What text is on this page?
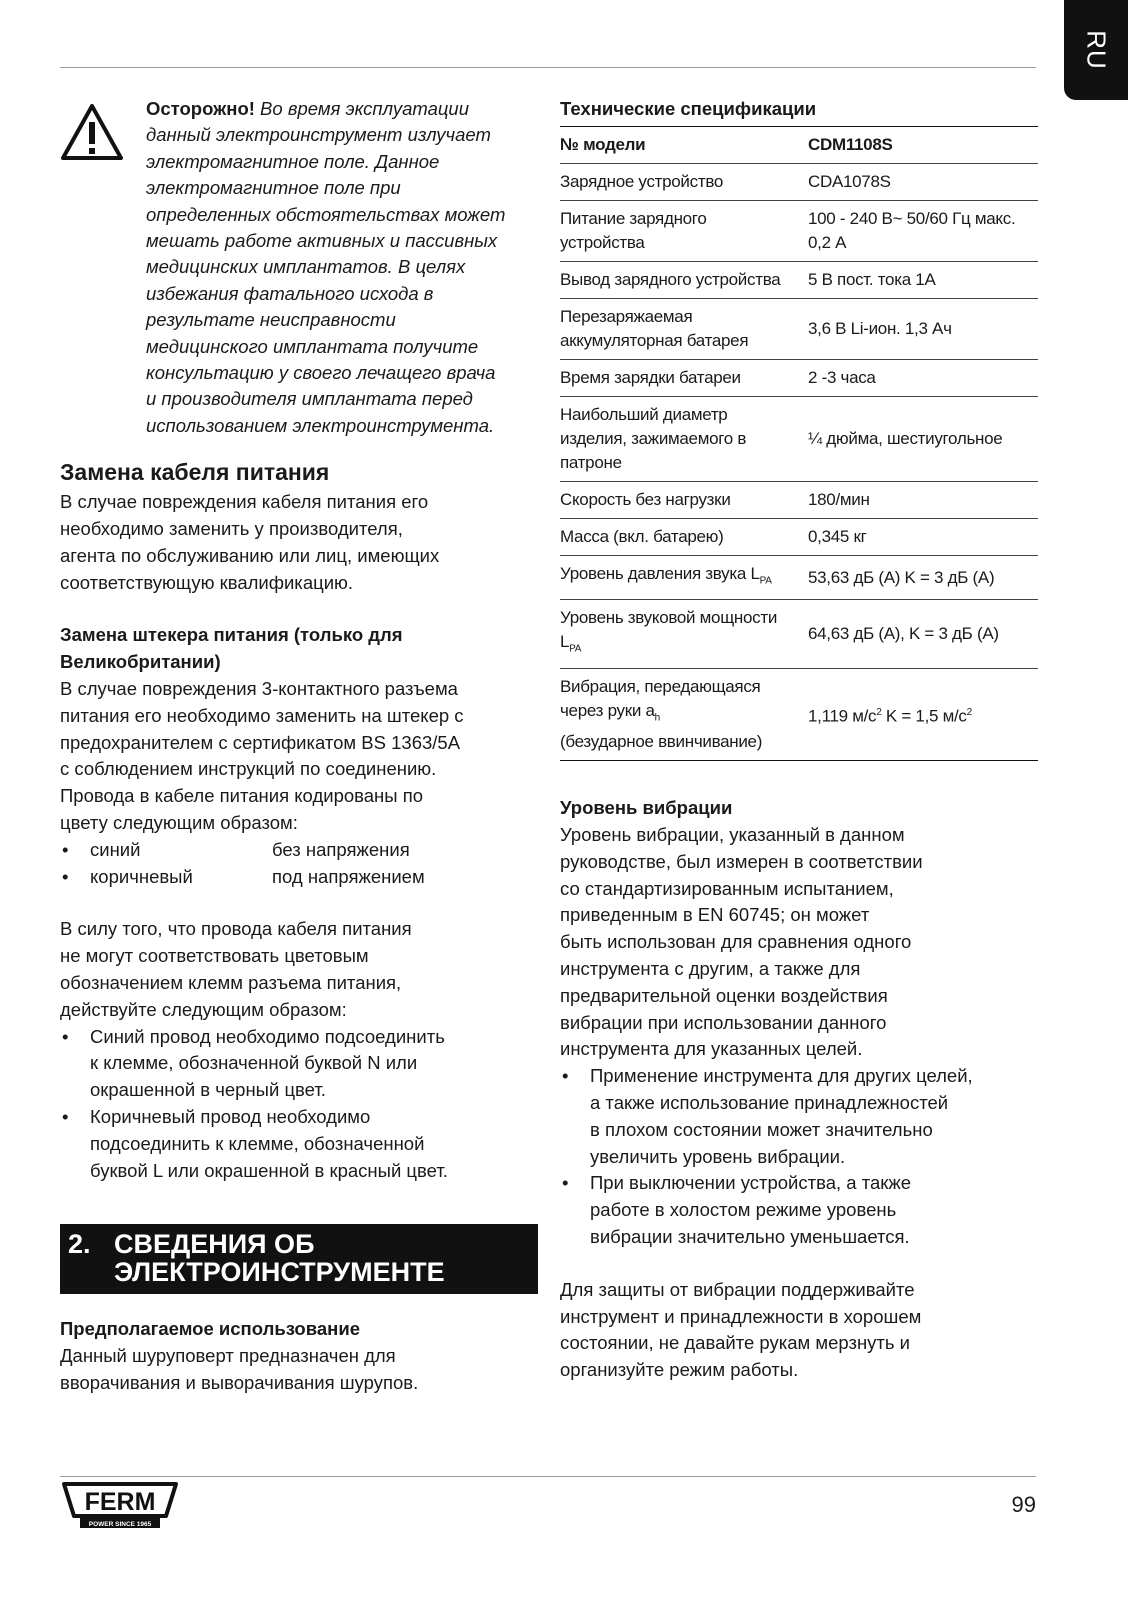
RU
Осторожно! Во время эксплуатации
данный электроинструмент излучает
электромагнитное поле. Данное
электромагнитное поле при
определенных обстоятельствах может
мешать работе активных и пассивных
медицинских имплантатов. В целях
избежания фатального исхода в
результате неисправности
медицинского имплантата получите
консультацию у своего лечащего врача
и производителя имплантата перед
использованием электроинструмента.
Замена кабеля питания

В случае повреждения кабеля питания его
необходимо заменить у производителя,
агента по обслуживанию или лиц, имеющих
соответствующую квалификацию.

Замена штекера питания (только для
Великобритании)

В случае повреждения 3-контактного разъема
питания его необходимо заменить на штекер с
предохранителем с сертификатом BS 1363/5A
с соблюдением инструкций по соединению.
Провода в кабеле питания кодированы по
цвету следующим образом:

• синий	без напряжения
• коричневый	под напряжением

В силу того, что провода кабеля питания
не могут соответствовать цветовым
обозначением клемм разъема питания,
действуйте следующим образом:

• Синий провод необходимо подсоединить
к клемме, обозначенной буквой N или
окрашенной в черный цвет.
• Коричневый провод необходимо
подсоединить к клемме, обозначенной
буквой L или окрашенной в красный цвет.
2. СВЕДЕНИЯ ОБ
ЭЛЕКТРОИНСТРУМЕНТЕ
Предполагаемое использование

Данный шуруповерт предназначен для
вворачивания и выворачивания шурупов.

Технические спецификации
№ модели	CDM1108S
Зарядное устройство	CDA1078S
Питание зарядного
устройства	100 - 240 В~ 50/60 Гц макс.
0,2 А
Вывод зарядного устройства	5 В пост. тока 1А
Перезаряжаемая
аккумуляторная батарея	3,6 В Li-ион. 1,3 Ач
Время зарядки батареи	2 -3 часа
Наибольший диаметр
изделия, зажимаемого в
патроне	¼ дюйма, шестиугольное
Скорость без нагрузки	180/мин
Масса (вкл. батарею)	0,345 кг
Уровень давления звука $L_{PA}$	53,63 дБ (A) K = 3 дБ (A)
Уровень звуковой мощности
$L_{PA}$	64,63 дБ (A), K = 3 дБ (A)
Вибрация, передающаяся
через руки $a_h$
(безударное ввинчивание)	1,119 $м/с^2$ K = 1,5 $м/с^2$
Уровень вибрации

Уровень вибрации, указанный в данном
руководстве, был измерен в соответствии
со стандартизированным испытанием,
приведенным в EN 60745; он может
быть использован для сравнения одного
инструмента с другим, а также для
предварительной оценки воздействия
вибрации при использовании данного
инструмента для указанных целей.

• Применение инструмента для других целей,
а также использование принадлежностей
в плохом состоянии может значительно
увеличить уровень вибрации.
• При выключении устройства, а также
работе в холостом режиме уровень
вибрации значительно уменьшается.

Для защиты от вибрации поддерживайте
инструмент и принадлежности в хорошем
состоянии, не давайте рукам мерзнуть и
организуйте режим работы.

FERM
POWER SINCE 1965
99
